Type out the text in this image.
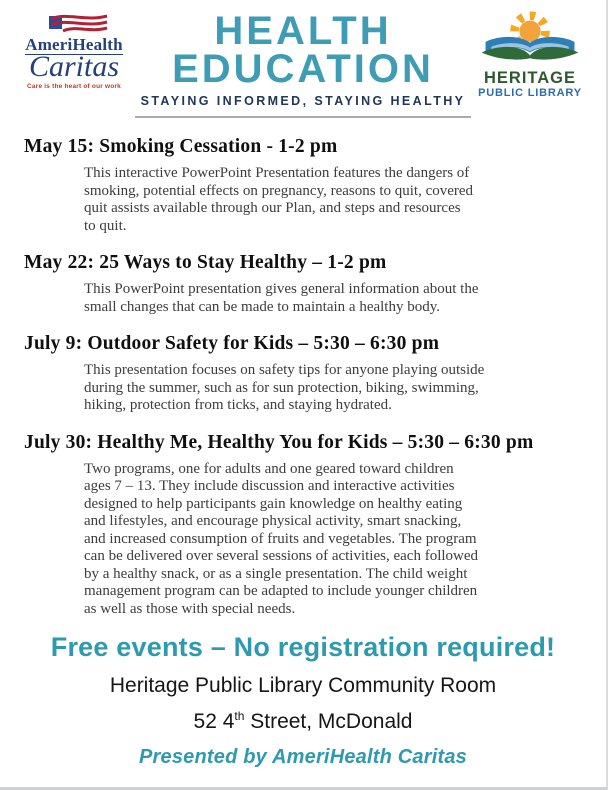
AmeriHealth
Caritas
Care is the heart of our work
HEALTH
EDUCATION
STAYING INFORMED, STAYING HEALTHY
HERITAGE
PUBLIC LIBRARY
May 15: Smoking Cessation - 1-2 pm
This interactive PowerPoint Presentation features the dangers of
smoking, potential effects on pregnancy, reasons to quit, covered
quit assists available through our Plan, and steps and resources
to quit.
May 22: 25 Ways to Stay Healthy – 1-2 pm
This PowerPoint presentation gives general information about the
small changes that can be made to maintain a healthy body.
July 9: Outdoor Safety for Kids – 5:30 – 6:30 pm
This presentation focuses on safety tips for anyone playing outside
during the summer, such as for sun protection, biking, swimming,
hiking, protection from ticks, and staying hydrated.
July 30: Healthy Me, Healthy You for Kids – 5:30 – 6:30 pm
Two programs, one for adults and one geared toward children
ages 7 – 13. They include discussion and interactive activities
designed to help participants gain knowledge on healthy eating
and lifestyles, and encourage physical activity, smart snacking,
and increased consumption of fruits and vegetables. The program
can be delivered over several sessions of activities, each followed
by a healthy snack, or as a single presentation. The child weight
management program can be adapted to include younger children
as well as those with special needs.
Free events – No registration required!
Heritage Public Library Community Room
52 4th Street, McDonald
Presented by AmeriHealth Caritas
